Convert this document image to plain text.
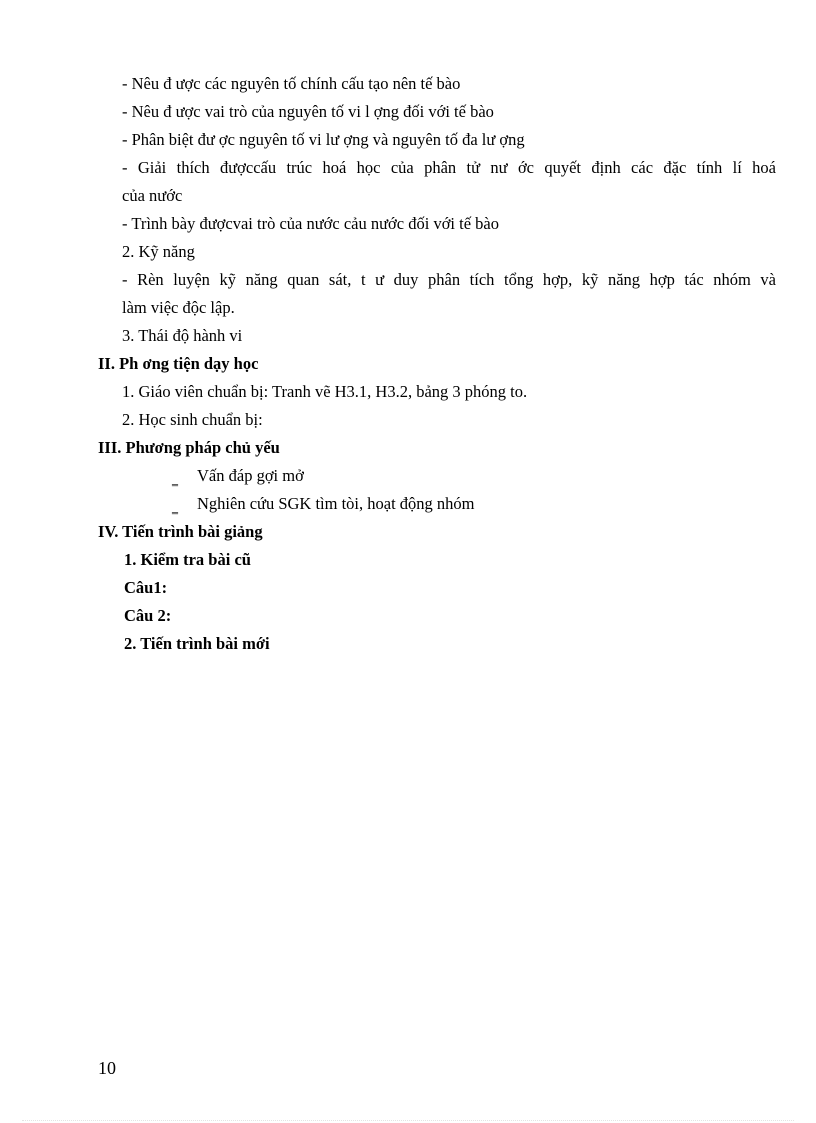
- Nêu đ ược các nguyên tố chính cấu tạo nên tế bào
- Nêu đ ược vai trò của nguyên tố vi l ợng đối với tế bào
- Phân biệt đư ợc nguyên tố vi lư ợng và nguyên tố đa lư ợng
- Giải thích đượccấu trúc hoá học của phân tử nư ớc quyết định các đặc tính lí hoá
của nước
- Trình bày đượcvai trò của nước cảu nước đối với tế bào
2. Kỹ năng
- Rèn luyện kỹ năng quan sát, t ư duy phân tích tổng hợp, kỹ năng hợp tác nhóm và
làm việc độc lập.
3. Thái độ hành vi
II. Ph ơng tiện dạy học
1. Giáo viên chuẩn bị: Tranh vẽ H3.1, H3.2, bảng 3 phóng to.
2. Học sinh chuẩn bị:
III. Phương pháp chủ yếu
‗ Vấn đáp gợi mở
‗ Nghiên cứu SGK tìm tòi, hoạt động nhóm
IV. Tiến trình bài giảng
1. Kiểm tra bài cũ
Câu1:
Câu 2:
2. Tiến trình bài mới
10
